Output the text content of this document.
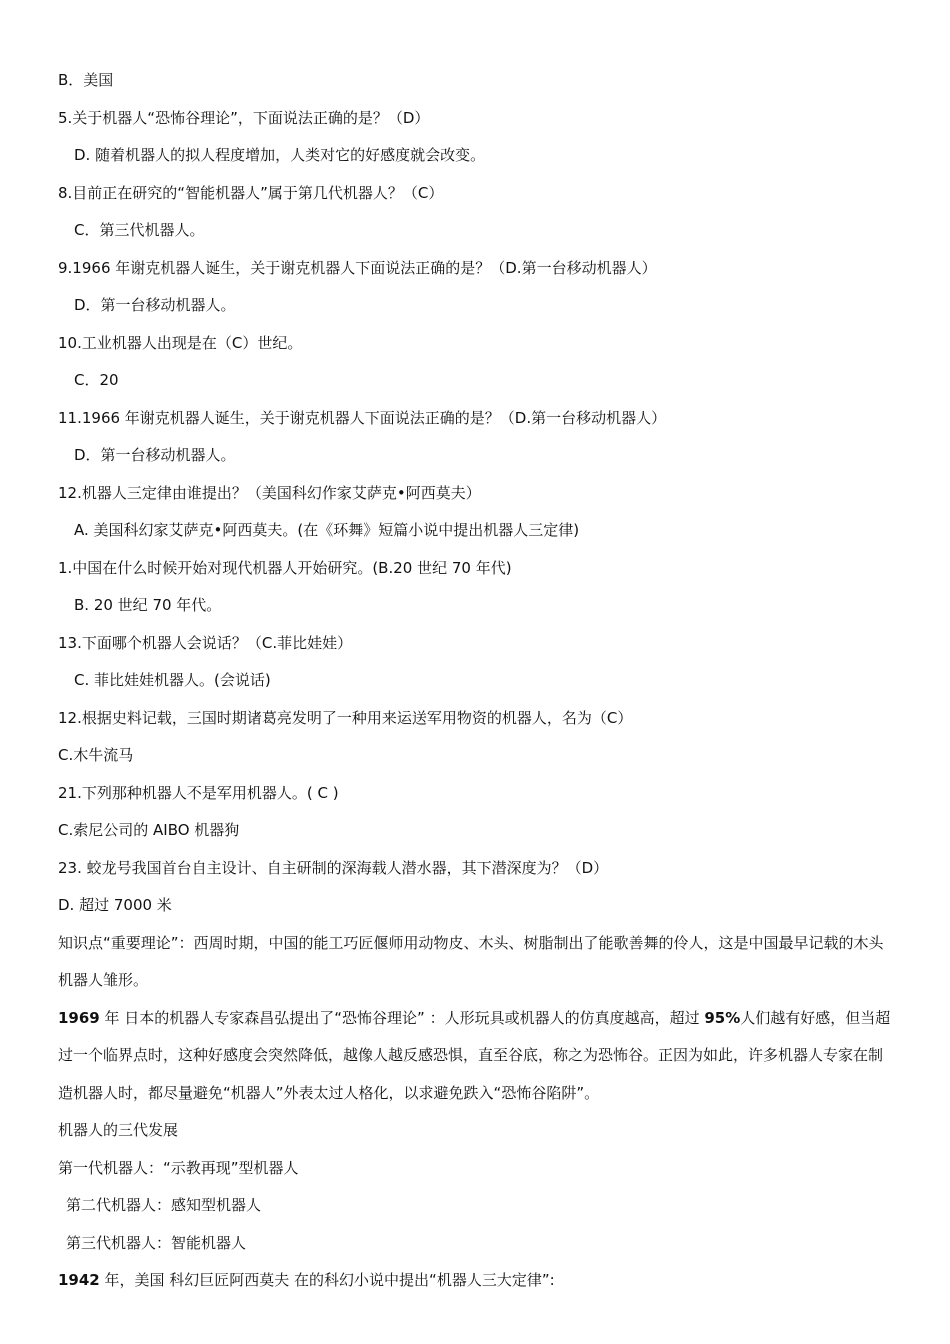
B．美国
5.关于机器人“恐怖谷理论”，下面说法正确的是？（D）
D. 随着机器人的拟人程度增加，人类对它的好感度就会改变。
8.目前正在研究的“智能机器人”属于第几代机器人？（C）
C．第三代机器人。
9.1966 年谢克机器人诞生，关于谢克机器人下面说法正确的是？（D.第一台移动机器人）
D．第一台移动机器人。
10.工业机器人出现是在（C）世纪。
C．20
11.1966 年谢克机器人诞生，关于谢克机器人下面说法正确的是？（D.第一台移动机器人）
D．第一台移动机器人。
12.机器人三定律由谁提出？（美国科幻作家艾萨克•阿西莫夫）
A. 美国科幻家艾萨克•阿西莫夫。(在《环舞》短篇小说中提出机器人三定律)
1.中国在什么时候开始对现代机器人开始研究。(B.20 世纪 70 年代)
B. 20 世纪 70 年代。
13.下面哪个机器人会说话？（C.菲比娃娃）
C. 菲比娃娃机器人。(会说话)
12.根据史料记载，三国时期诸葛亮发明了一种用来运送军用物资的机器人，名为（C）
C.木牛流马
21.下列那种机器人不是军用机器人。( C )
C.索尼公司的 AIBO 机器狗
23. 蛟龙号我国首台自主设计、自主研制的深海载人潜水器，其下潜深度为？（D）
D. 超过 7000 米
知识点“重要理论”：西周时期，中国的能工巧匠偃师用动物皮、木头、树脂制出了能歌善舞的伶人，这是中国最早记载的木头机器人雏形。
1969 年 日本的机器人专家森昌弘提出了“恐怖谷理论” ：人形玩具或机器人的仿真度越高，超过 95%人们越有好感，但当超过一个临界点时，这种好感度会突然降低，越像人越反感恐惧，直至谷底，称之为恐怖谷。正因为如此，许多机器人专家在制造机器人时，都尽量避免“机器人”外表太过人格化，以求避免跌入“恐怖谷陷阱”。
机器人的三代发展
第一代机器人：“示教再现”型机器人
第二代机器人：感知型机器人
第三代机器人：智能机器人
1942 年，美国 科幻巨匠阿西莫夫 在的科幻小说中提出“机器人三大定律”:
